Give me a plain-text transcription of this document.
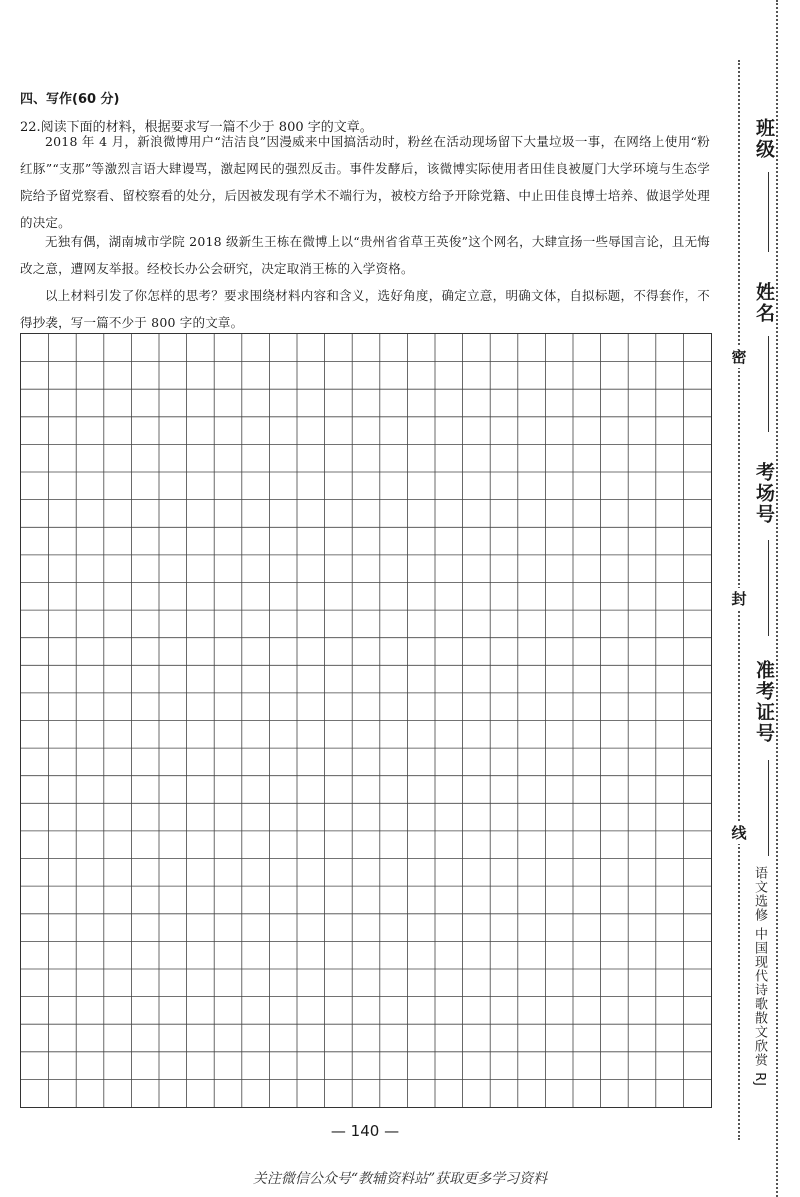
四、写作(60 分)
22.阅读下面的材料，根据要求写一篇不少于 800 字的文章。
2018 年 4 月，新浪微博用户“洁洁良”因漫威来中国搞活动时，粉丝在活动现场留下大量垃圾一事，在网络上使用“粉红豚”“支那”等激烈言语大肆谩骂，激起网民的强烈反击。事件发酵后，该微博实际使用者田佳良被厦门大学环境与生态学院给予留党察看、留校察看的处分，后因被发现有学术不端行为，被校方给予开除党籍、中止田佳良博士培养、做退学处理的决定。
无独有偶，湖南城市学院 2018 级新生王栋在微博上以“贵州省省草王英俊”这个网名，大肆宣扬一些辱国言论，且无悔改之意，遭网友举报。经校长办公会研究，决定取消王栋的入学资格。
以上材料引发了你怎样的思考？要求围绕材料内容和含义，选好角度，确定立意，明确文体，自拟标题，不得套作，不得抄袭，写一篇不少于 800 字的文章。
— 140 —
关注微信公众号“教辅资料站”获取更多学习资料
班级
姓名
考场号
准考证号
密
封
线
语文选修 中国现代诗歌散文欣赏 RJ
